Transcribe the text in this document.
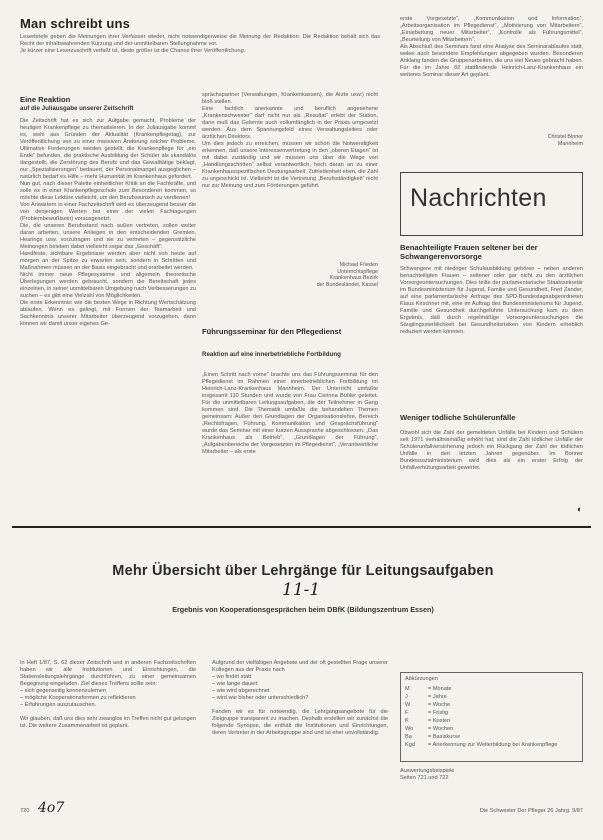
Man schreibt uns
Leserbriefe geben die Meinungen ihrer Verfasser wieder, nicht notwendigerweise die Meinung der Redaktion. Die Redaktion behält sich das Recht der inhaltswahrenden Kürzung und der unmittelbaren Stellungnahme vor.
Je kürzer eine Leserzuschrift verfaßt ist, desto größer ist die Chance ihrer Veröffentlichung.
Eine Reaktion
auf die Juliausgabe unserer Zeitschrift
Die Zeitschrift hat es sich zur Aufgabe gemacht, Probleme der heutigen Krankenpflege zu thematisieren. In der Juliausgabe kommt es, wohl aus Gründen der Aktualität (Krankenpflegetag), zur Veröffentlichung von zu einer massiven Änderung solcher Probleme. Ultimative Forderungen werden gestellt, die Krankenpflege für „ein Ende“ befunden, die praktische Ausbildung der Schüler als skandalös dargestellt, die Zerstörung des Berufs und das Gewalttätige beklagt, nur „Spezialisierungen“ bedauert, der Personalmangel ausgeglichen – natürlich bedarf es Hilfe – mehr Humanität im Krankenhaus gefordert.
Nun gut, nach dieser Palette einheitlicher Kritik an die Fachkräfte, und solle es in einer Krankenpflegeschule zum Besonderen kommen, so möchte diese Lektüre vielleicht, um den Berufswunsch zu verdienen!
Von Anwärtern in einer Fachzeitschrift wird es überzeugend besser die von denjenigen Werten bei einer der vielen Fachtagungen (Problembewußtsein) vorausgesetzt.
Die, die unseren Berufsstand nach außen vertreten, sollen weiter daran arbeiten, unsere Anliegen in den entscheidenden Gremien, Hearings usw. vorzutragen und sie zu vertreten – gegensätzliche Meinungen beleben dabei vielleicht sogar das „Geschäft“.
Handfeste, sichtbare Ergebnisse werden aber nicht von heute auf morgen an der Spitze zu erwarten sein, sondern in Schritten und Maßnahmen müssen an der Basis eingebracht und erarbeitet werden.
Nicht immer neue Pflegesysteme und allgemein theoretische Überlegungen werden gebraucht, sondern die Bereitschaft jedes einzelnen, in seiner unmittelbaren Umgebung nach Verbesserungen zu suchen – es gibt eine Vielzahl von Möglichkeiten.
Die erste Erkenntnis: wie die besten Wege in Richtung Wertschätzung ablaufen. Wenn es gelingt, mit Formen der Teamarbeit und Sachkenntnis unserer Mitarbeiter überzeugend vorzugehen, dann können wir damit unser eigenes Ge-
sprächspartner (Verwaltungen, Krankenkassen), die Ärzte usw.) nicht bloß stellen.
Eine fachlich anerkannte und beruflich angesehene „Krankenschwester“ darf nicht nur als „Resultat“ erlebt der Station, dann muß das Gelernte auch vollumfänglich in der Praxis umgesetzt werden. Aus dem Spannungsfeld eines Verwaltungsleiters oder ärztlichen Direktors.
Um dies jedoch zu erreichen, müssen wir schon die Notwendigkeit erkennen, daß unsere Interessenvertretung in den „oberen Etagen“ ist mit dabei zuständig und wir müssen uns über die Wege von „Handlungsschritten“ selbst verantwortlich, hoch daran an zu einer Krankenhausspezifischen Deutungsarbeit. Zufriedenheit eben, die Zahl zu ungeschickt ist. Vielleicht ist die Vertretung „Berufsständigkeit“ nicht nur zur Meinung und zum Förderungen geführt.
Michael Frieden
Unterrichtspflege
Krankenhaus Bezirk
der Bundesländer, Kassel
Führungsseminar für den Pflegedienst
Reaktion auf eine innerbetriebliche Fortbildung
„Einen Schritt nach vorne“ brachte uns das Führungsseminar für den Pflegedienst im Rahmen einer innerbetrieblichen Fortbildung im Heinrich-Lanz-Krankenhaus Mannheim. Der Unterricht umfaßte insgesamt 110 Stunden und wurde von Frau Corinna Bühler geleitet. Für die unmittelbaren Leitungsaufgaben, die der Teilnehmer in Gang kommen sind. Die Thematik umfaßte die behandelten Themen gemeinsam: Außer den Grundlagen der Organisationslehre, Bereich „Rechtsfragen, Führung, Kommunikation und Gesprächsführung“ wurde das Seminar mit einer kurzen Aussprache abgeschlossen. „Das Krankenhaus als Betrieb“, „Grundlagen der Führung“, „Aufgabenbereiche der Vorgesetzten im Pflegedienst“, „Verantwortliche Mitarbeiter – als erste
erste Vorgesetzte“, „Kommunikation und Information“, „Arbeitsorganisation im Pflegedienst“, „Motivierung von Mitarbeitern“, „Einarbeitung neuer Mitarbeiter“, „Kontrolle als Führungsmittel“, „Beurteilung von Mitarbeitern“.
Als Abschluß des Seminars fand eine Analyse des Seminarablaufes statt, wobei auch besondere Empfehlungen abgegeben wurden. Besonderen Anklang fanden die Gruppenarbeiten, die uns viel Neues gebracht haben. Für die im Jahre 82 stattfindende Heinrich-Lanz-Krankenhaus ein weiteres Seminar dieser Art geplant.
Christel Binner
Mannheim
Nachrichten
Benachteiligte Frauen seltener bei der Schwangerenvorsorge
Schwangere mit niedriger Schulausbildung gehören – neben anderen benachteiligten Frauen – seltener oder gar nicht zu den ärztlichen Vorsorgeuntersuchungen. Dies teilte der parlamentarische Staatssekretär im Bundesministerium für Jugend, Familie und Gesundheit, Fred Zander, auf eine parlamentarische Anfrage des SPD-Bundestagsabgeordneten Klaus Kirschner mit, eine im Auftrag des Bundesministeriums für Jugend, Familie und Gesundheit durchgeführte Untersuchung kam zu dem Ergebnis, daß durch regelmäßige Vorsorgeuntersuchungen die Säuglingssterblichkeit bei Gesundheitsrisiken von Kindern erheblich reduziert werden könnten.
Weniger tödliche Schülerunfälle
Obwohl sich die Zahl der gemeldeten Unfälle bei Kindern und Schülern seit 1971 verhältnismäßig erhöht hat, sind die Zahl tödlicher Unfälle der Schülerunfallversicherung jedoch ein Rückgang der Zahl der tödlichen Unfälle in den letzten Jahren gegenüber. Im Bonner Bundessozialministerium wird dies als ein erster Erfolg der Unfallverhütungsarbeit gewertet.
◖
Mehr Übersicht über Lehrgänge für Leitungsaufgaben
11-1
Ergebnis von Kooperationsgesprächen beim DBfK (Bildungszentrum Essen)
In Heft 1/87, S. 62 dieser Zeitschrift und in anderen Fachzeitschriften haben wir alle Institutionen und Einrichtungen, die Stationsleitungslehrgänge durchführen, zu einer gemeinsamen Begegnung eingeladen. Ziel dieses Treffens sollte sein:
– sich gegenseitig kennenzulernen
– mögliche Kooperationsformen zu reflektieren
– Erfahrungen auszutauschen.

Wir glauben, daß uns dies sehr zwanglos im Treffen nicht gut gelungen ist. Die weitere Zusammenarbeit ist geplant.
Aufgrund der vielfältigen Angebote und der oft gestellten Frage unserer Kollegen aus der Praxis nach
– wo findet statt
– wie lange dauert
– wie wird abgerechnet
– wird wie bisher oder unterschiedlich?

Fanden wir es für notwendig, die Lehrgangsangebote für die Zielgruppe transparent zu machen. Deshalb erstellen wir zunächst die folgende Synopse, die enthält die Institutionen und Einrichtungen, deren Vertreter in der Arbeitsgruppe sind und ist eher unvollständig.
Abkürzungen
M	= Monate
J	= Jahre
W	= Woche
F	= Fristig
K	= Kosten
Wo	= Wochen
Ba	= Basiskurse
Kgd = Anerkennung zur Weiterbildung bei Krankenpflege
Auswertungsbeispiele
Seiten 721 und 722
720 4o7	Die Schwester Der Pfleger 26 Jahrg. 9/87
